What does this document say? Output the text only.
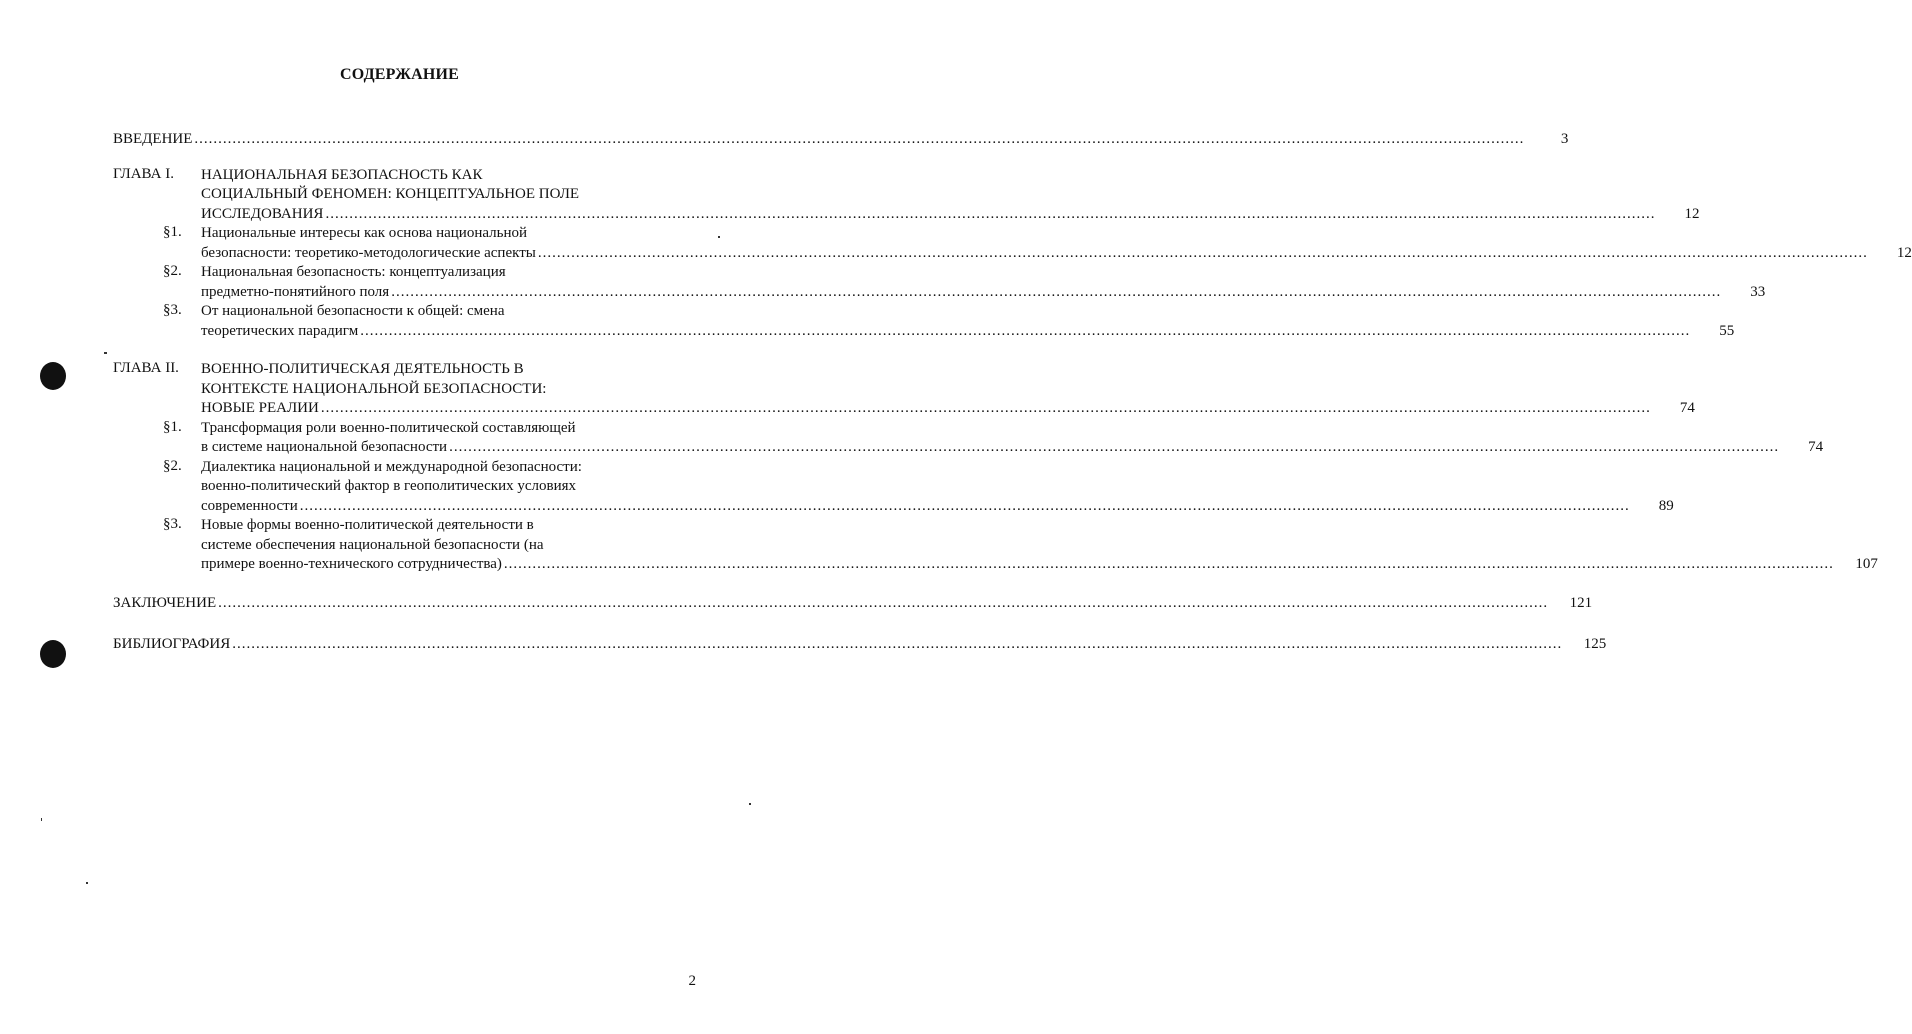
СОДЕРЖАНИЕ
ВВЕДЕНИЕ .....	3
ГЛАВА I.	НАЦИОНАЛЬНАЯ БЕЗОПАСНОСТЬ КАК
СОЦИАЛЬНЫЙ ФЕНОМЕН: КОНЦЕПТУАЛЬНОЕ ПОЛЕ
ИССЛЕДОВАНИЯ .....	12
§1.	Национальные интересы как основа национальной
безопасности: теоретико-методологические аспекты .....	12
§2.	Национальная безопасность: концептуализация
предметно-понятийного поля .....	33
§3.	От национальной безопасности к общей: смена
теоретических парадигм .....	55
ГЛАВА II.	ВОЕННО-ПОЛИТИЧЕСКАЯ ДЕЯТЕЛЬНОСТЬ В
КОНТЕКСТЕ НАЦИОНАЛЬНОЙ БЕЗОПАСНОСТИ:
НОВЫЕ РЕАЛИИ .....	74
§1.	Трансформация роли военно-политической составляющей
в системе национальной безопасности .....	74
§2.	Диалектика национальной и международной безопасности:
военно-политический фактор в геополитических условиях
современности .....	89
§3.	Новые формы военно-политической деятельности в
системе обеспечения национальной безопасности (на
примере военно-технического сотрудничества) .....	107
ЗАКЛЮЧЕНИЕ .....	121
БИБЛИОГРАФИЯ .....	125
2
